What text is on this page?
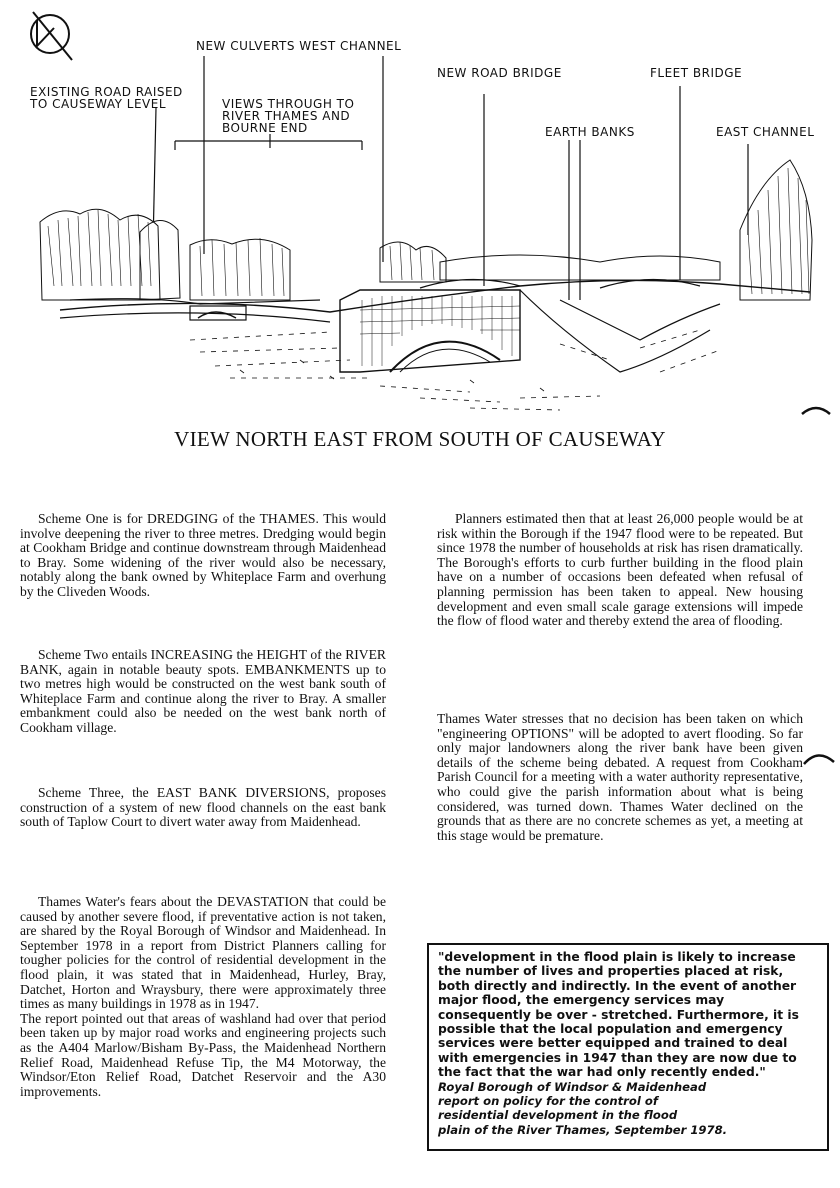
NEW CULVERTS WEST CHANNEL
EXISTING ROAD RAISED
TO CAUSEWAY LEVEL	VIEWS THROUGH TO
RIVER THAMES AND
BOURNE END
NEW ROAD BRIDGE	FLEET BRIDGE
EARTH BANKS	EAST CHANNEL
VIEW NORTH EAST FROM SOUTH OF CAUSEWAY

Scheme One is for DREDGING of the THAMES. This would involve deepening the river to three metres. Dredging would begin at Cookham Bridge and continue downstream through Maidenhead to Bray. Some widening of the river would also be necessary, notably along the bank owned by Whiteplace Farm and overhung by the Cliveden Woods.

Scheme Two entails INCREASING the HEIGHT of the RIVER BANK, again in notable beauty spots. EMBANKMENTS up to two metres high would be constructed on the west bank south of Whiteplace Farm and continue along the river to Bray. A smaller embankment could also be needed on the west bank north of Cookham village.

Scheme Three, the EAST BANK DIVERSIONS, proposes construction of a system of new flood channels on the east bank south of Taplow Court to divert water away from Maidenhead.

Thames Water's fears about the DEVASTATION that could be caused by another severe flood, if preventative action is not taken, are shared by the Royal Borough of Windsor and Maidenhead. In September 1978 in a report from District Planners calling for tougher policies for the control of residential development in the flood plain, it was stated that in Maidenhead, Hurley, Bray, Datchet, Horton and Wraysbury, there were approximately three times as many buildings in 1978 as in 1947.

The report pointed out that areas of washland had over that period been taken up by major road works and engineering projects such as the A404 Marlow/Bisham By-Pass, the Maidenhead Northern Relief Road, Maidenhead Refuse Tip, the M4 Motorway, the Windsor/Eton Relief Road, Datchet Reservoir and the A30 improvements.

Planners estimated then that at least 26,000 people would be at risk within the Borough if the 1947 flood were to be repeated. But since 1978 the number of households at risk has risen dramatically. The Borough's efforts to curb further building in the flood plain have on a number of occasions been defeated when refusal of planning permission has been taken to appeal. New housing development and even small scale garage extensions will impede the flow of flood water and thereby extend the area of flooding.

Thames Water stresses that no decision has been taken on which "engineering OPTIONS" will be adopted to avert flooding. So far only major landowners along the river bank have been given details of the scheme being debated. A request from Cookham Parish Council for a meeting with a water authority representative, who could give the parish information about what is being considered, was turned down. Thames Water declined on the grounds that as there are no concrete schemes as yet, a meeting at this stage would be premature.

"development in the flood plain is likely to increase the number of lives and properties placed at risk, both directly and indirectly. In the event of another major flood, the emergency services may consequently be over - stretched. Furthermore, it is possible that the local population and emergency services were better equipped and trained to deal with emergencies in 1947 than they are now due to the fact that the war had only recently ended."

Royal Borough of Windsor & Maidenhead
report on policy for the control of
residential development in the flood
plain of the River Thames, September 1978.
